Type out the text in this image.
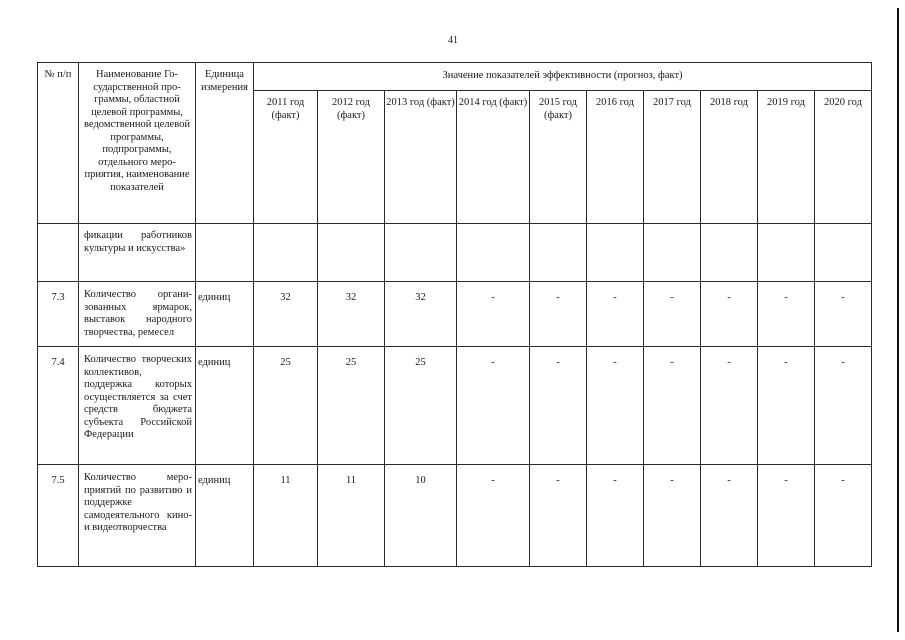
41
№ п/п	Наименование Государственной программы, областной целевой программы, ведомственной целевой программы, подпрограммы, отдельного мероприятия, наименование показателей	Единица измерения	Значение показателей эффективности (прогноз, факт)									
			2011 год (факт)	2012 год (факт)	2013 год (факт)	2014 год (факт)	2015 год (факт)	2016 год	2017 год	2018 год	2019 год	2020 год
	фикации работников культуры и искусства»											
7.3	Количество организованных ярмарок, выставок народного творчества, ремесел	единиц	32	32	32	-	-	-	-	-	-	-
7.4	Количество творческих коллективов, поддержка которых осуществляется за счет средств бюджета субъекта Российской Федерации	единиц	25	25	25	-	-	-	-	-	-	-
7.5	Количество мероприятий по развитию и поддержке самодеятельного кино- и видеотворчества	единиц	11	11	10	-	-	-	-	-	-	-
